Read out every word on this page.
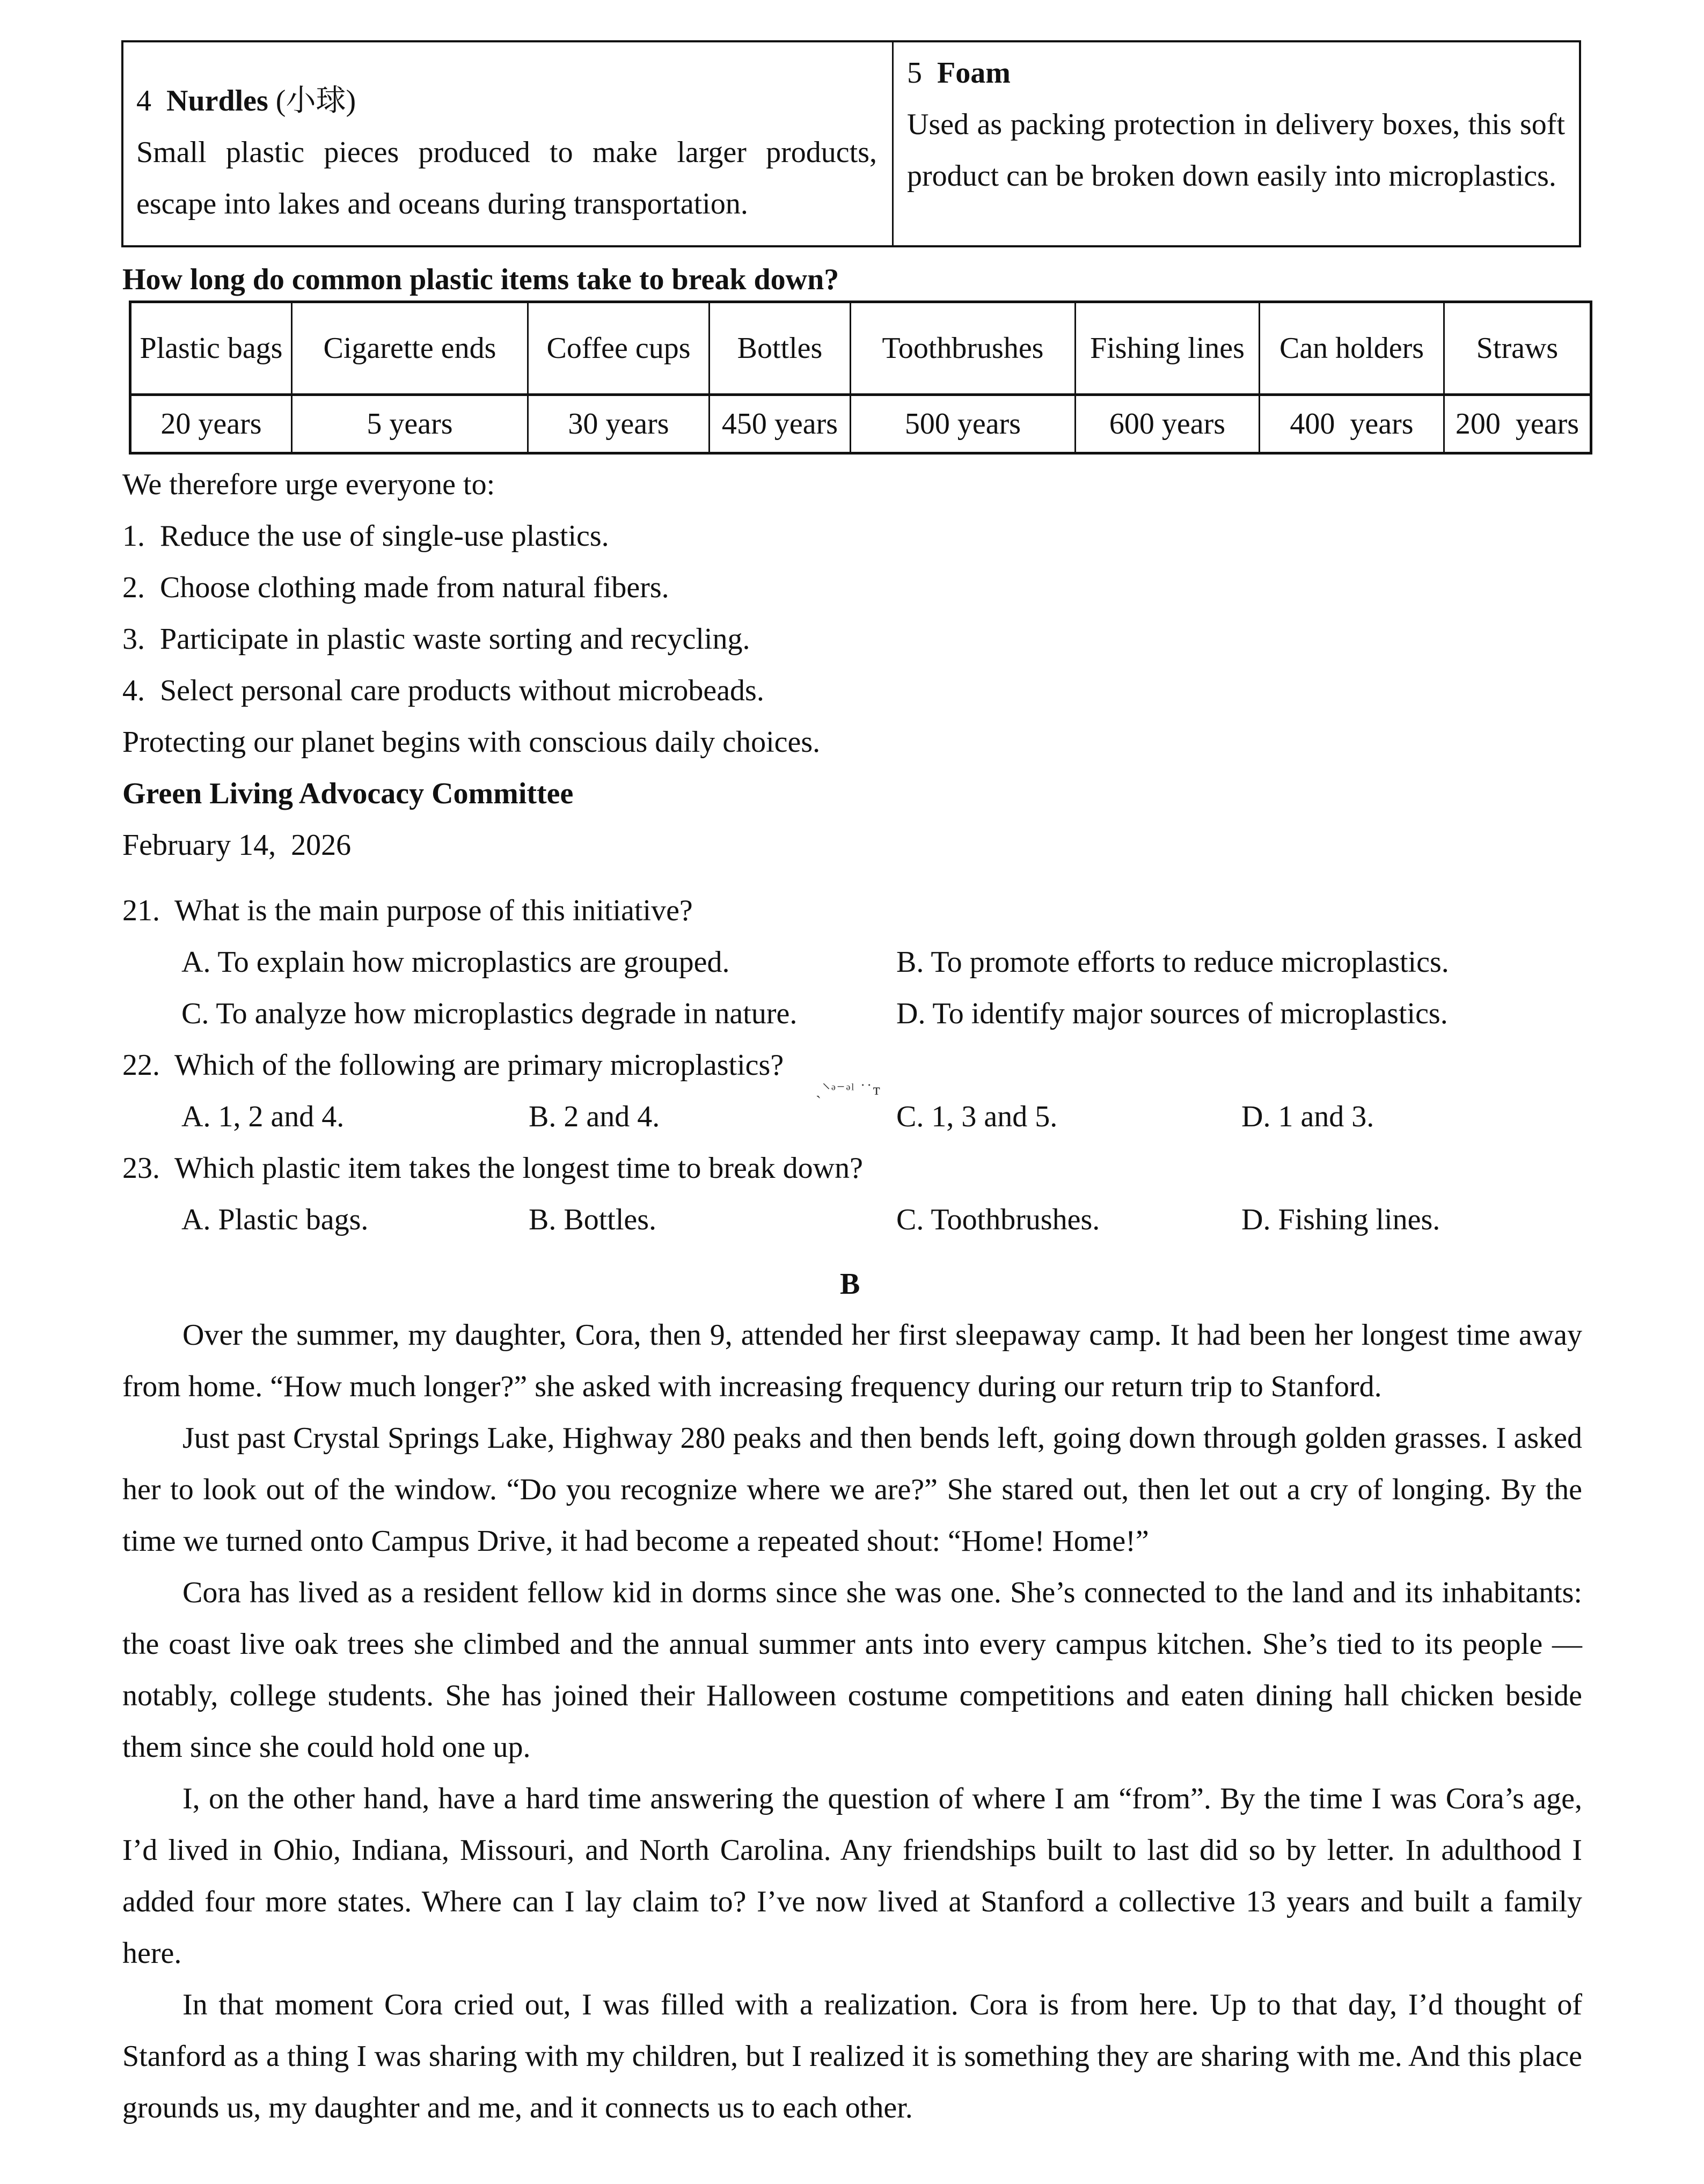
4 Nurdles (小球)
Small plastic pieces produced to make larger products, escape into lakes and oceans during transportation.
5 Foam
Used as packing protection in delivery boxes, this soft product can be broken down easily into microplastics.
How long do common plastic items take to break down?
Plastic bags	Cigarette ends	Coffee cups	Bottles	Toothbrushes	Fishing lines	Can holders	Straws
20 years	5 years	30 years	450 years	500 years	600 years	400  years	200  years
We therefore urge everyone to:
1. Reduce the use of single-use plastics.
2. Choose clothing made from natural fibers.
3. Participate in plastic waste sorting and recycling.
4. Select personal care products without microbeads.
Protecting our planet begins with conscious daily choices.
Green Living Advocacy Committee
February 14,  2026
21. What is the main purpose of this initiative?
A. To explain how microplastics are grouped.	B. To promote efforts to reduce microplastics.
C. To analyze how microplastics degrade in nature.	D. To identify major sources of microplastics.
22. Which of the following are primary microplastics?
ˏ⸌ᵊ⁻ᵊˡ ˙˙ᴛ
A. 1, 2 and 4.	B. 2 and 4.	C. 1, 3 and 5.	D. 1 and 3.
23. Which plastic item takes the longest time to break down?
A. Plastic bags.	B. Bottles.	C. Toothbrushes.	D. Fishing lines.
B

Over the summer, my daughter, Cora, then 9, attended her first sleepaway camp. It had been her longest time away from home. “How much longer?” she asked with increasing frequency during our return trip to Stanford.

Just past Crystal Springs Lake, Highway 280 peaks and then bends left, going down through golden grasses. I asked her to look out of the window. “Do you recognize where we are?” She stared out, then let out a cry of longing. By the time we turned onto Campus Drive, it had become a repeated shout: “Home! Home!”

Cora has lived as a resident fellow kid in dorms since she was one. She’s connected to the land and its inhabitants: the coast live oak trees she climbed and the annual summer ants into every campus kitchen. She’s tied to its people — notably, college students. She has joined their Halloween costume competitions and eaten dining hall chicken beside them since she could hold one up.

I, on the other hand, have a hard time answering the question of where I am “from”. By the time I was Cora’s age, I’d lived in Ohio, Indiana, Missouri, and North Carolina. Any friendships built to last did so by letter. In adulthood I added four more states. Where can I lay claim to? I’ve now lived at Stanford a collective 13 years and built a family here.

In that moment Cora cried out, I was filled with a realization. Cora is from here. Up to that day, I’d thought of Stanford as a thing I was sharing with my children, but I realized it is something they are sharing with me. And this place grounds us, my daughter and me, and it connects us to each other.
